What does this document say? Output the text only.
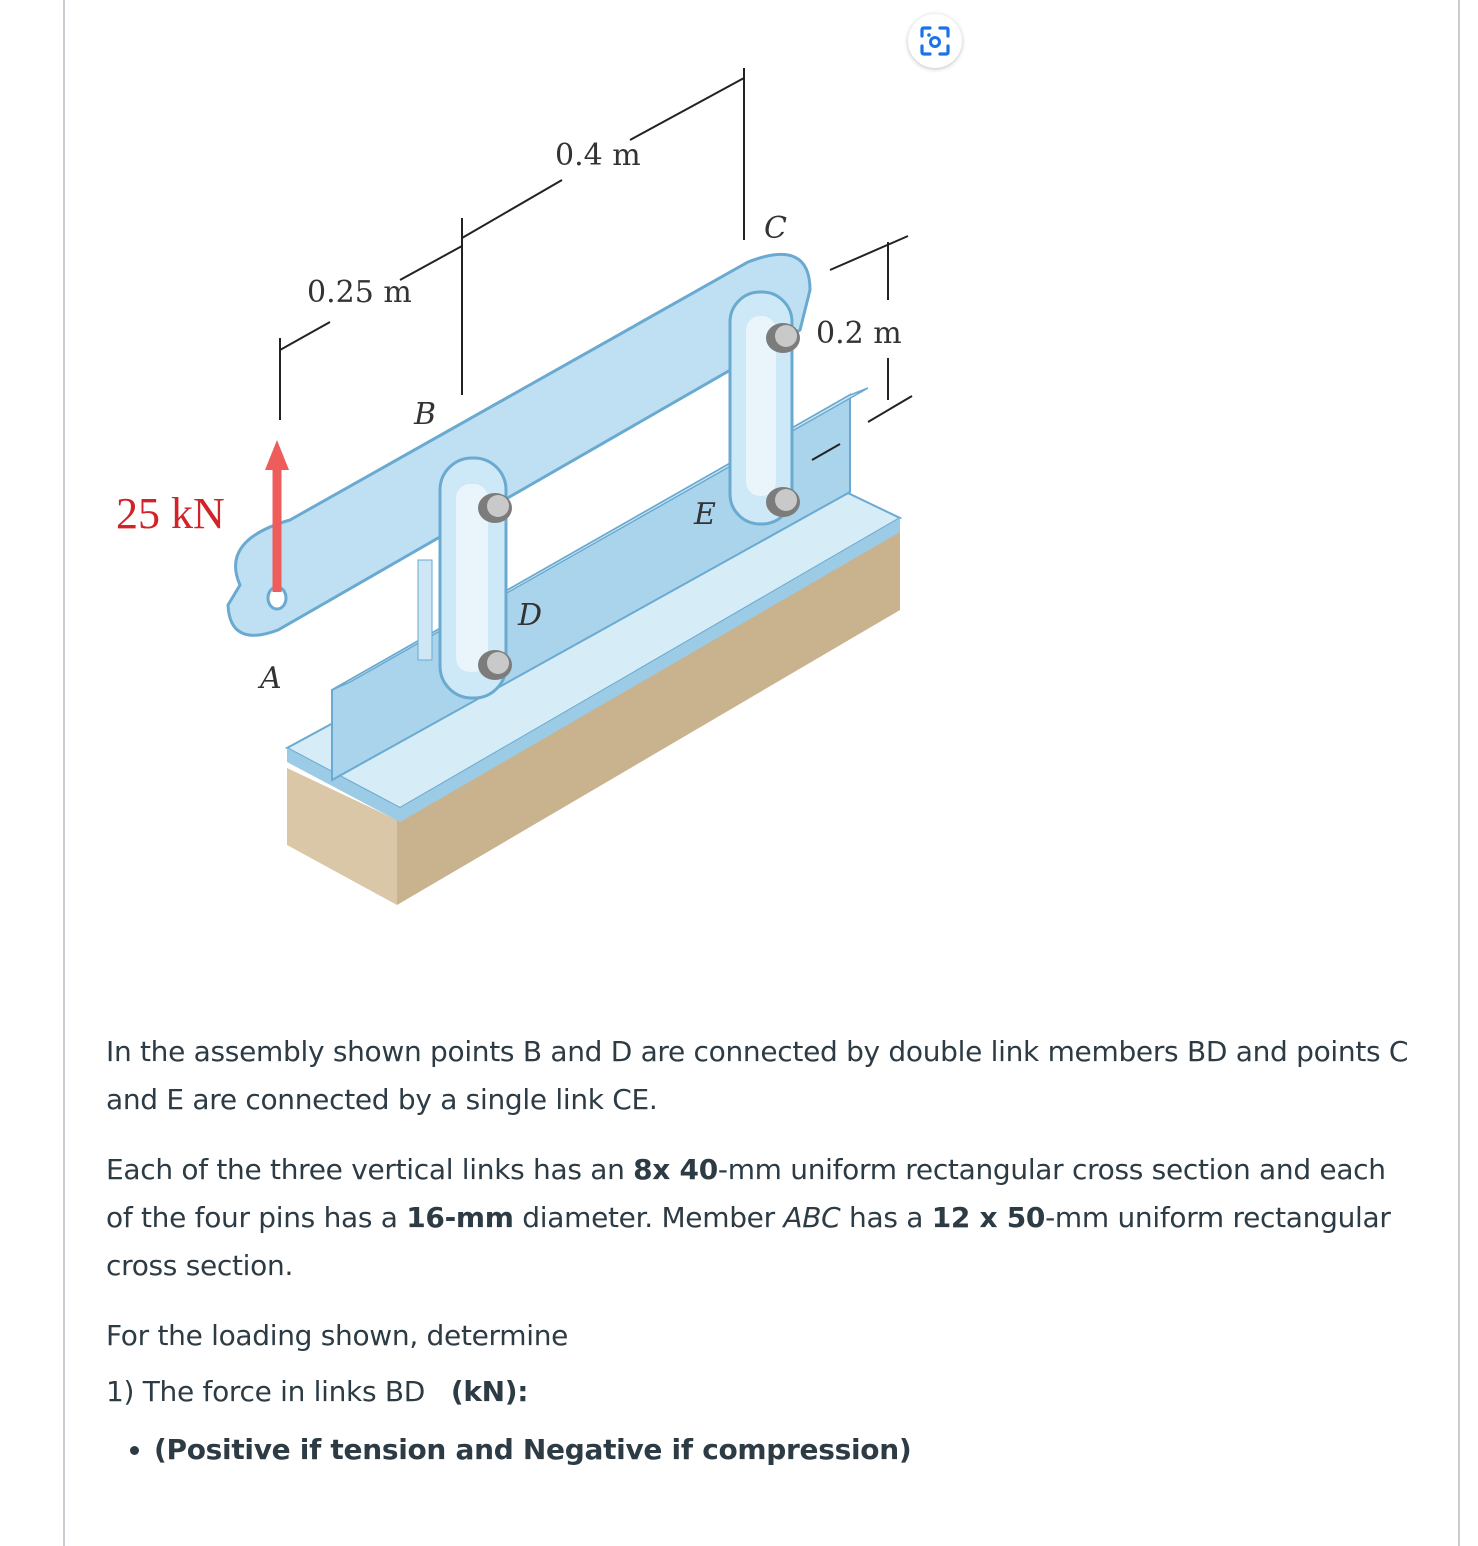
0.4 m
0.25 m
0.2 m
25 kN
A
B
C
D
E

In the assembly shown points B and D are connected by double link members BD and points C and E are connected by a single link CE.

Each of the three vertical links has an 8x 40-mm uniform rectangular cross section and each of the four pins has a 16-mm diameter. Member ABC has a 12 x 50-mm uniform rectangular cross section.

For the loading shown, determine

1) The force in links BD   (kN):

• (Positive if tension and Negative if compression)
